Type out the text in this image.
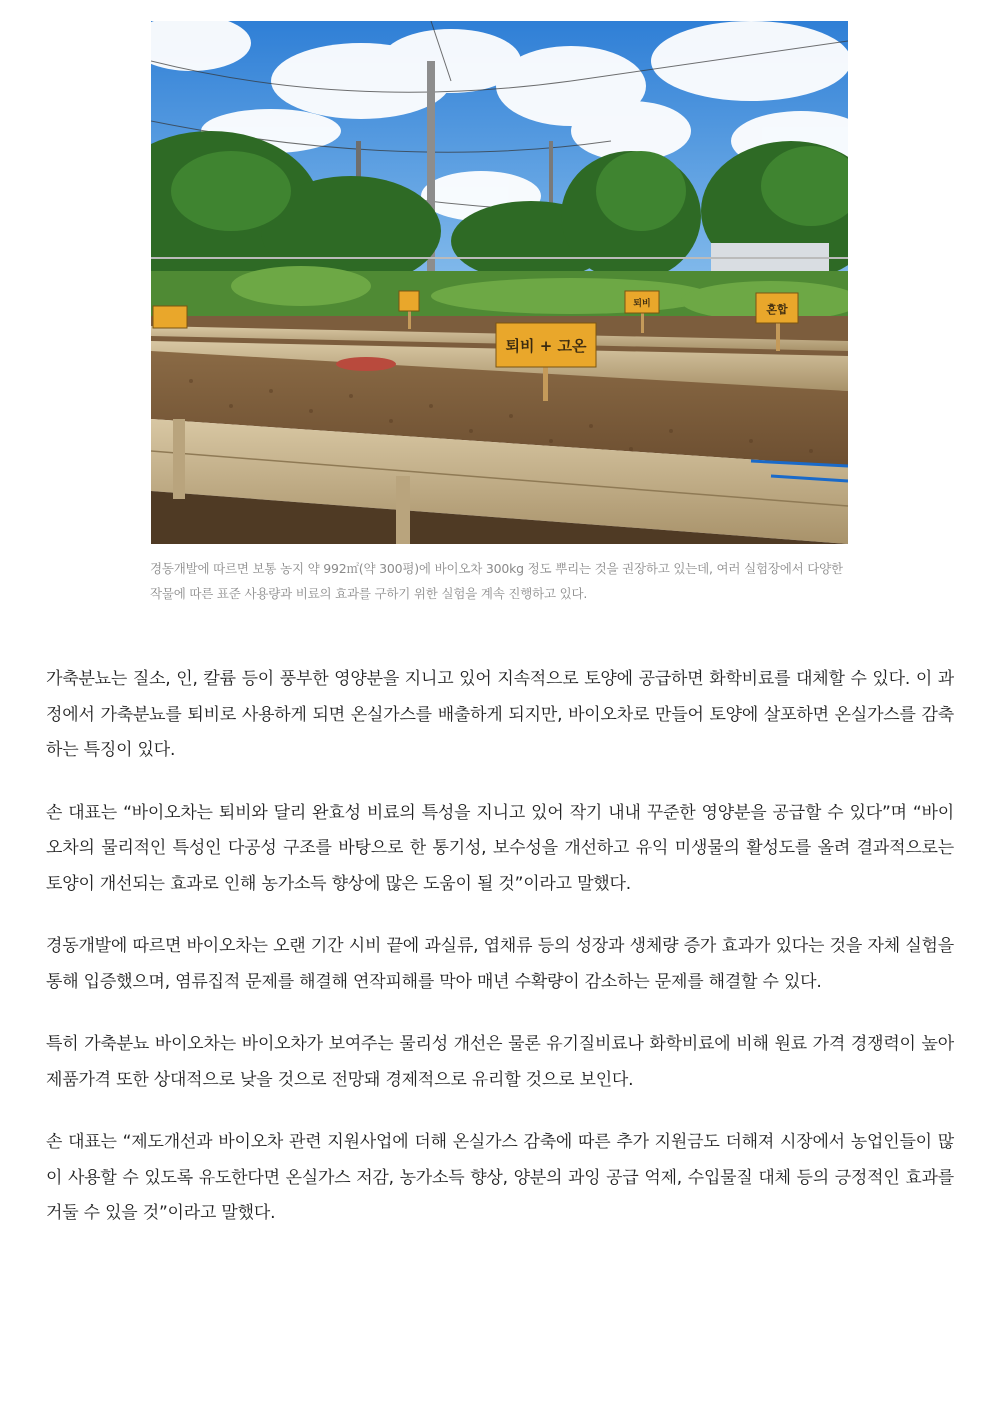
퇴비 + 고온
혼합
퇴비
경동개발에 따르면 보통 농지 약 992㎡(약 300평)에 바이오차 300kg 정도 뿌리는 것을 권장하고 있는데, 여러 실험장에서 다양한 작물에 따른 표준 사용량과 비료의 효과를 구하기 위한 실험을 계속 진행하고 있다.

가축분뇨는 질소, 인, 칼륨 등이 풍부한 영양분을 지니고 있어 지속적으로 토양에 공급하면 화학비료를 대체할 수 있다. 이 과정에서 가축분뇨를 퇴비로 사용하게 되면 온실가스를 배출하게 되지만, 바이오차로 만들어 토양에 살포하면 온실가스를 감축하는 특징이 있다.

손 대표는 “바이오차는 퇴비와 달리 완효성 비료의 특성을 지니고 있어 작기 내내 꾸준한 영양분을 공급할 수 있다”며 “바이오차의 물리적인 특성인 다공성 구조를 바탕으로 한 통기성, 보수성을 개선하고 유익 미생물의 활성도를 올려 결과적으로는 토양이 개선되는 효과로 인해 농가소득 향상에 많은 도움이 될 것”이라고 말했다.

경동개발에 따르면 바이오차는 오랜 기간 시비 끝에 과실류, 엽채류 등의 성장과 생체량 증가 효과가 있다는 것을 자체 실험을 통해 입증했으며, 염류집적 문제를 해결해 연작피해를 막아 매년 수확량이 감소하는 문제를 해결할 수 있다.

특히 가축분뇨 바이오차는 바이오차가 보여주는 물리성 개선은 물론 유기질비료나 화학비료에 비해 원료 가격 경쟁력이 높아 제품가격 또한 상대적으로 낮을 것으로 전망돼 경제적으로 유리할 것으로 보인다.

손 대표는 “제도개선과 바이오차 관련 지원사업에 더해 온실가스 감축에 따른 추가 지원금도 더해져 시장에서 농업인들이 많이 사용할 수 있도록 유도한다면 온실가스 저감, 농가소득 향상, 양분의 과잉 공급 억제, 수입물질 대체 등의 긍정적인 효과를 거둘 수 있을 것”이라고 말했다.
